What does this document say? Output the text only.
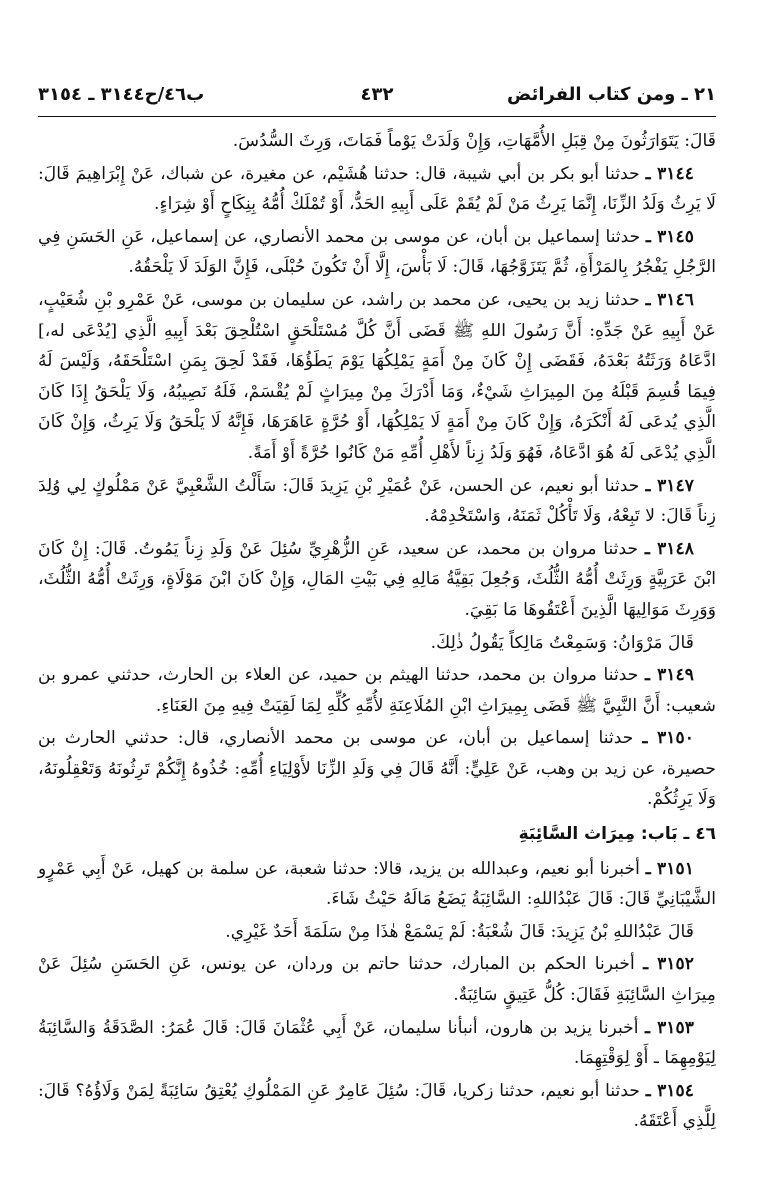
٢١ ـ ومن كتاب الفرائض
٤٣٢
ب٤٦/ح٣١٤٤ ـ ٣١٥٤

قَالَ: يَتَوَارَثُونَ مِنْ قِبَلِ الأُمَّهَاتِ، وَإِنْ وَلَدَتْ يَوْماً فَمَاتَ، وَرِثَ السُّدُسَ.

٣١٤٤ ـ حدثنا أبو بكر بن أبي شيبة، قال: حدثنا هُشَيْم، عن مغيرة، عن شباك، عَنْ إِبْرَاهِيمَ قَالَ: لَا يَرِثُ وَلَدُ الزِّنَا، إِنَّمَا يَرِثُ مَنْ لَمْ يُقَمْ عَلَى أَبِيهِ الحَدُّ، أَوْ تُمْلَكْ أُمُّهُ بِنِكَاحٍ أَوْ شِرَاءٍ.

٣١٤٥ ـ حدثنا إسماعيل بن أبان، عن موسى بن محمد الأنصاري، عن إسماعيل، عَنِ الحَسَنِ فِي الرَّجُلِ يَفْجُرُ بِالمَرْأَةِ، ثُمَّ يَتَزَوَّجُهَا، قَالَ: لَا بَأْسَ، إِلَّا أَنْ تَكُونَ حُبْلَى، فَإِنَّ الوَلَدَ لَا يَلْحَقُهُ.

٣١٤٦ ـ حدثنا زيد بن يحيى، عن محمد بن راشد، عن سليمان بن موسى، عَنْ عَمْرِو بْنِ شُعَيْبٍ، عَنْ أَبِيهِ عَنْ جَدِّهِ: أَنَّ رَسُولَ اللهِ ﷺ قَضَى أَنَّ كُلَّ مُسْتَلْحَقٍ اسْتُلْحِقَ بَعْدَ أَبِيهِ الَّذِي [يُدْعَى له،] ادَّعَاهُ وَرَثَتُهُ بَعْدَهُ، فَقَضَى إِنْ كَانَ مِنْ أَمَةٍ يَمْلِكُهَا يَوْمَ يَطَؤُهَا، فَقَدْ لَحِقَ بِمَنِ اسْتَلْحَقَهُ، وَلَيْسَ لَهُ فِيمَا قُسِمَ قَبْلَهُ مِنَ المِيرَاثِ شَيْءٌ، وَمَا أَدْرَكَ مِنْ مِيرَاثٍ لَمْ يُقْسَمْ، فَلَهُ نَصِيبُهُ، وَلَا يَلْحَقُ إِذَا كَانَ الَّذِي يُدعَى لَهُ أَنْكَرَهُ، وَإِنْ كَانَ مِنْ أَمَةٍ لَا يَمْلِكُهَا، أَوْ حُرَّةٍ عَاهَرَهَا، فَإِنَّهُ لَا يَلْحَقُ وَلَا يَرِثُ، وَإِنْ كَانَ الَّذِي يُدْعَى لَهُ هُوَ ادَّعَاهُ، فَهُوَ وَلَدُ زِناً لأَهْلِ أُمِّهِ مَنْ كَانُوا حُرَّةً أَوْ أَمَةً.

٣١٤٧ ـ حدثنا أبو نعيم، عن الحسن، عَنْ عُمَيْرِ بْنِ يَزِيدَ قَالَ: سَأَلْتُ الشَّعْبِيَّ عَنْ مَمْلُوكٍ لِي وُلِدَ زِناً قَالَ: لا تَبِعْهُ، وَلَا تَأْكُلْ ثَمَنَهُ، وَاسْتَخْدِمْهُ.

٣١٤٨ ـ حدثنا مروان بن محمد، عن سعيد، عَنِ الزُّهْرِيِّ سُئِلَ عَنْ وَلَدِ زِناً يَمُوتُ. قَالَ: إِنْ كَانَ ابْنَ عَرَبِيَّةٍ وَرِثَتْ أُمُّهُ الثُّلُثَ، وَجُعِلَ بَقِيَّةُ مَالِهِ فِي بَيْتِ المَالِ، وَإِنْ كَانَ ابْنَ مَوْلَاةٍ، وَرِثَتْ أُمُّهُ الثُّلُثَ، وَوَرِثَ مَوَالِيهَا الَّذِينَ أَعْتَقُوهَا مَا بَقِيَ.

قَالَ مَرْوَانُ: وَسَمِعْتُ مَالِكاً يَقُولُ ذٰلِكَ.

٣١٤٩ ـ حدثنا مروان بن محمد، حدثنا الهيثم بن حميد، عن العلاء بن الحارث، حدثني عمرو بن شعيب: أَنَّ النَّبِيَّ ﷺ قَضَى بِمِيرَاثِ ابْنِ المُلَاعِنَةِ لأُمِّهِ كُلِّهِ لِمَا لَقِيَتْ فِيهِ مِنَ العَنَاءِ.

٣١٥٠ ـ حدثنا إسماعيل بن أبان، عن موسى بن محمد الأنصاري، قال: حدثني الحارث بن حصيرة، عن زيد بن وهب، عَنْ عَلِيٍّ: أَنَّهُ قَالَ فِي وَلَدِ الزِّنَا لأَوْلِيَاءِ أُمِّهِ: خُذُوهُ إِنَّكُمْ تَرِثُونَهُ وَتَعْقِلُونَهُ، وَلَا يَرِثُكُمْ.

٤٦ ـ بَاب: مِيرَاث السَّائِبَةِ

٣١٥١ ـ أخبرنا أبو نعيم، وعبدالله بن يزيد، قالا: حدثنا شعبة، عن سلمة بن كهيل، عَنْ أَبِي عَمْرٍو الشَّيْبَانِيِّ قَالَ: قَالَ عَبْدُاللهِ: السَّائِبَةُ يَضَعُ مَالَهُ حَيْثُ شَاءَ.

قَالَ عَبْدُاللهِ بْنُ يَزِيدَ: قَالَ شُعْبَةُ: لَمْ يَسْمَعْ هٰذَا مِنْ سَلَمَةَ أَحَدٌ غَيْرِي.

٣١٥٢ ـ أخبرنا الحكم بن المبارك، حدثنا حاتم بن وردان، عن يونس، عَنِ الحَسَنِ سُئِلَ عَنْ مِيرَاثِ السَّائِبَةِ فَقَالَ: كُلُّ عَتِيقٍ سَائِبَةٌ.

٣١٥٣ ـ أخبرنا يزيد بن هارون، أنبأنا سليمان، عَنْ أَبِي عُثْمَانَ قَالَ: قَالَ عُمَرُ: الصَّدَقَةُ وَالسَّائِبَةُ لِيَوْمِهِمَا ـ أَوْ لِوَقْتِهِمَا.

٣١٥٤ ـ حدثنا أبو نعيم، حدثنا زكريا، قَالَ: سُئِلَ عَامِرٌ عَنِ المَمْلُوكِ يُعْتِقُ سَائِبَةً لِمَنْ وَلَاؤُهُ؟ قَالَ: لِلَّذِي أَعْتَقَهُ.
